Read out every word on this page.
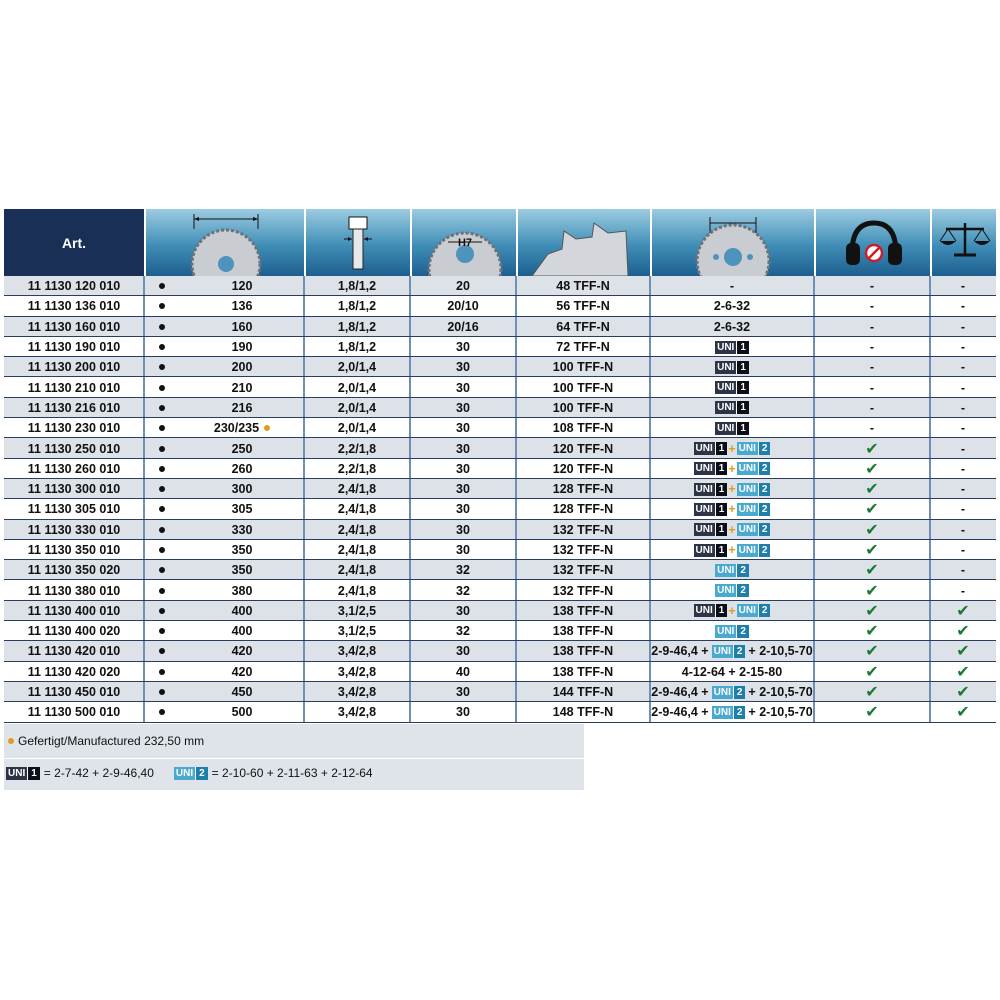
Art.	H7
11 1130 120 010	120	1,8/1,2	20	48 TFF-N	-	-	-
11 1130 136 010	136	1,8/1,2	20/10	56 TFF-N	2-6-32	-	-
11 1130 160 010	160	1,8/1,2	20/16	64 TFF-N	2-6-32	-	-
11 1130 190 010	190	1,8/1,2	30	72 TFF-N	UNI 1	-	-
11 1130 200 010	200	2,0/1,4	30	100 TFF-N	UNI 1	-	-
11 1130 210 010	210	2,0/1,4	30	100 TFF-N	UNI 1	-	-
11 1130 216 010	216	2,0/1,4	30	100 TFF-N	UNI 1	-	-
11 1130 230 010	230/235	2,0/1,4	30	108 TFF-N	UNI 1	-	-
11 1130 250 010	250	2,2/1,8	30	120 TFF-N	UNI 1 + UNI 2	✔	-
11 1130 260 010	260	2,2/1,8	30	120 TFF-N	UNI 1 + UNI 2	✔	-
11 1130 300 010	300	2,4/1,8	30	128 TFF-N	UNI 1 + UNI 2	✔	-
11 1130 305 010	305	2,4/1,8	30	128 TFF-N	UNI 1 + UNI 2	✔	-
11 1130 330 010	330	2,4/1,8	30	132 TFF-N	UNI 1 + UNI 2	✔	-
11 1130 350 010	350	2,4/1,8	30	132 TFF-N	UNI 1 + UNI 2	✔	-
11 1130 350 020	350	2,4/1,8	32	132 TFF-N	UNI 2	✔	-
11 1130 380 010	380	2,4/1,8	32	132 TFF-N	UNI 2	✔	-
11 1130 400 010	400	3,1/2,5	30	138 TFF-N	UNI 1 + UNI 2	✔	✔
11 1130 400 020	400	3,1/2,5	32	138 TFF-N	UNI 2	✔	✔
11 1130 420 010	420	3,4/2,8	30	138 TFF-N	2-9-46,4 + UNI 2 + 2-10,5-70	✔	✔
11 1130 420 020	420	3,4/2,8	40	138 TFF-N	4-12-64 + 2-15-80	✔	✔
11 1130 450 010	450	3,4/2,8	30	144 TFF-N	2-9-46,4 + UNI 2 + 2-10,5-70	✔	✔
11 1130 500 010	500	3,4/2,8	30	148 TFF-N	2-9-46,4 + UNI 2 + 2-10,5-70	✔	✔
Gefertigt/Manufactured 232,50 mm
UNI 1 = 2-7-42 + 2-9-46,40 UNI 2 = 2-10-60 + 2-11-63 + 2-12-64
